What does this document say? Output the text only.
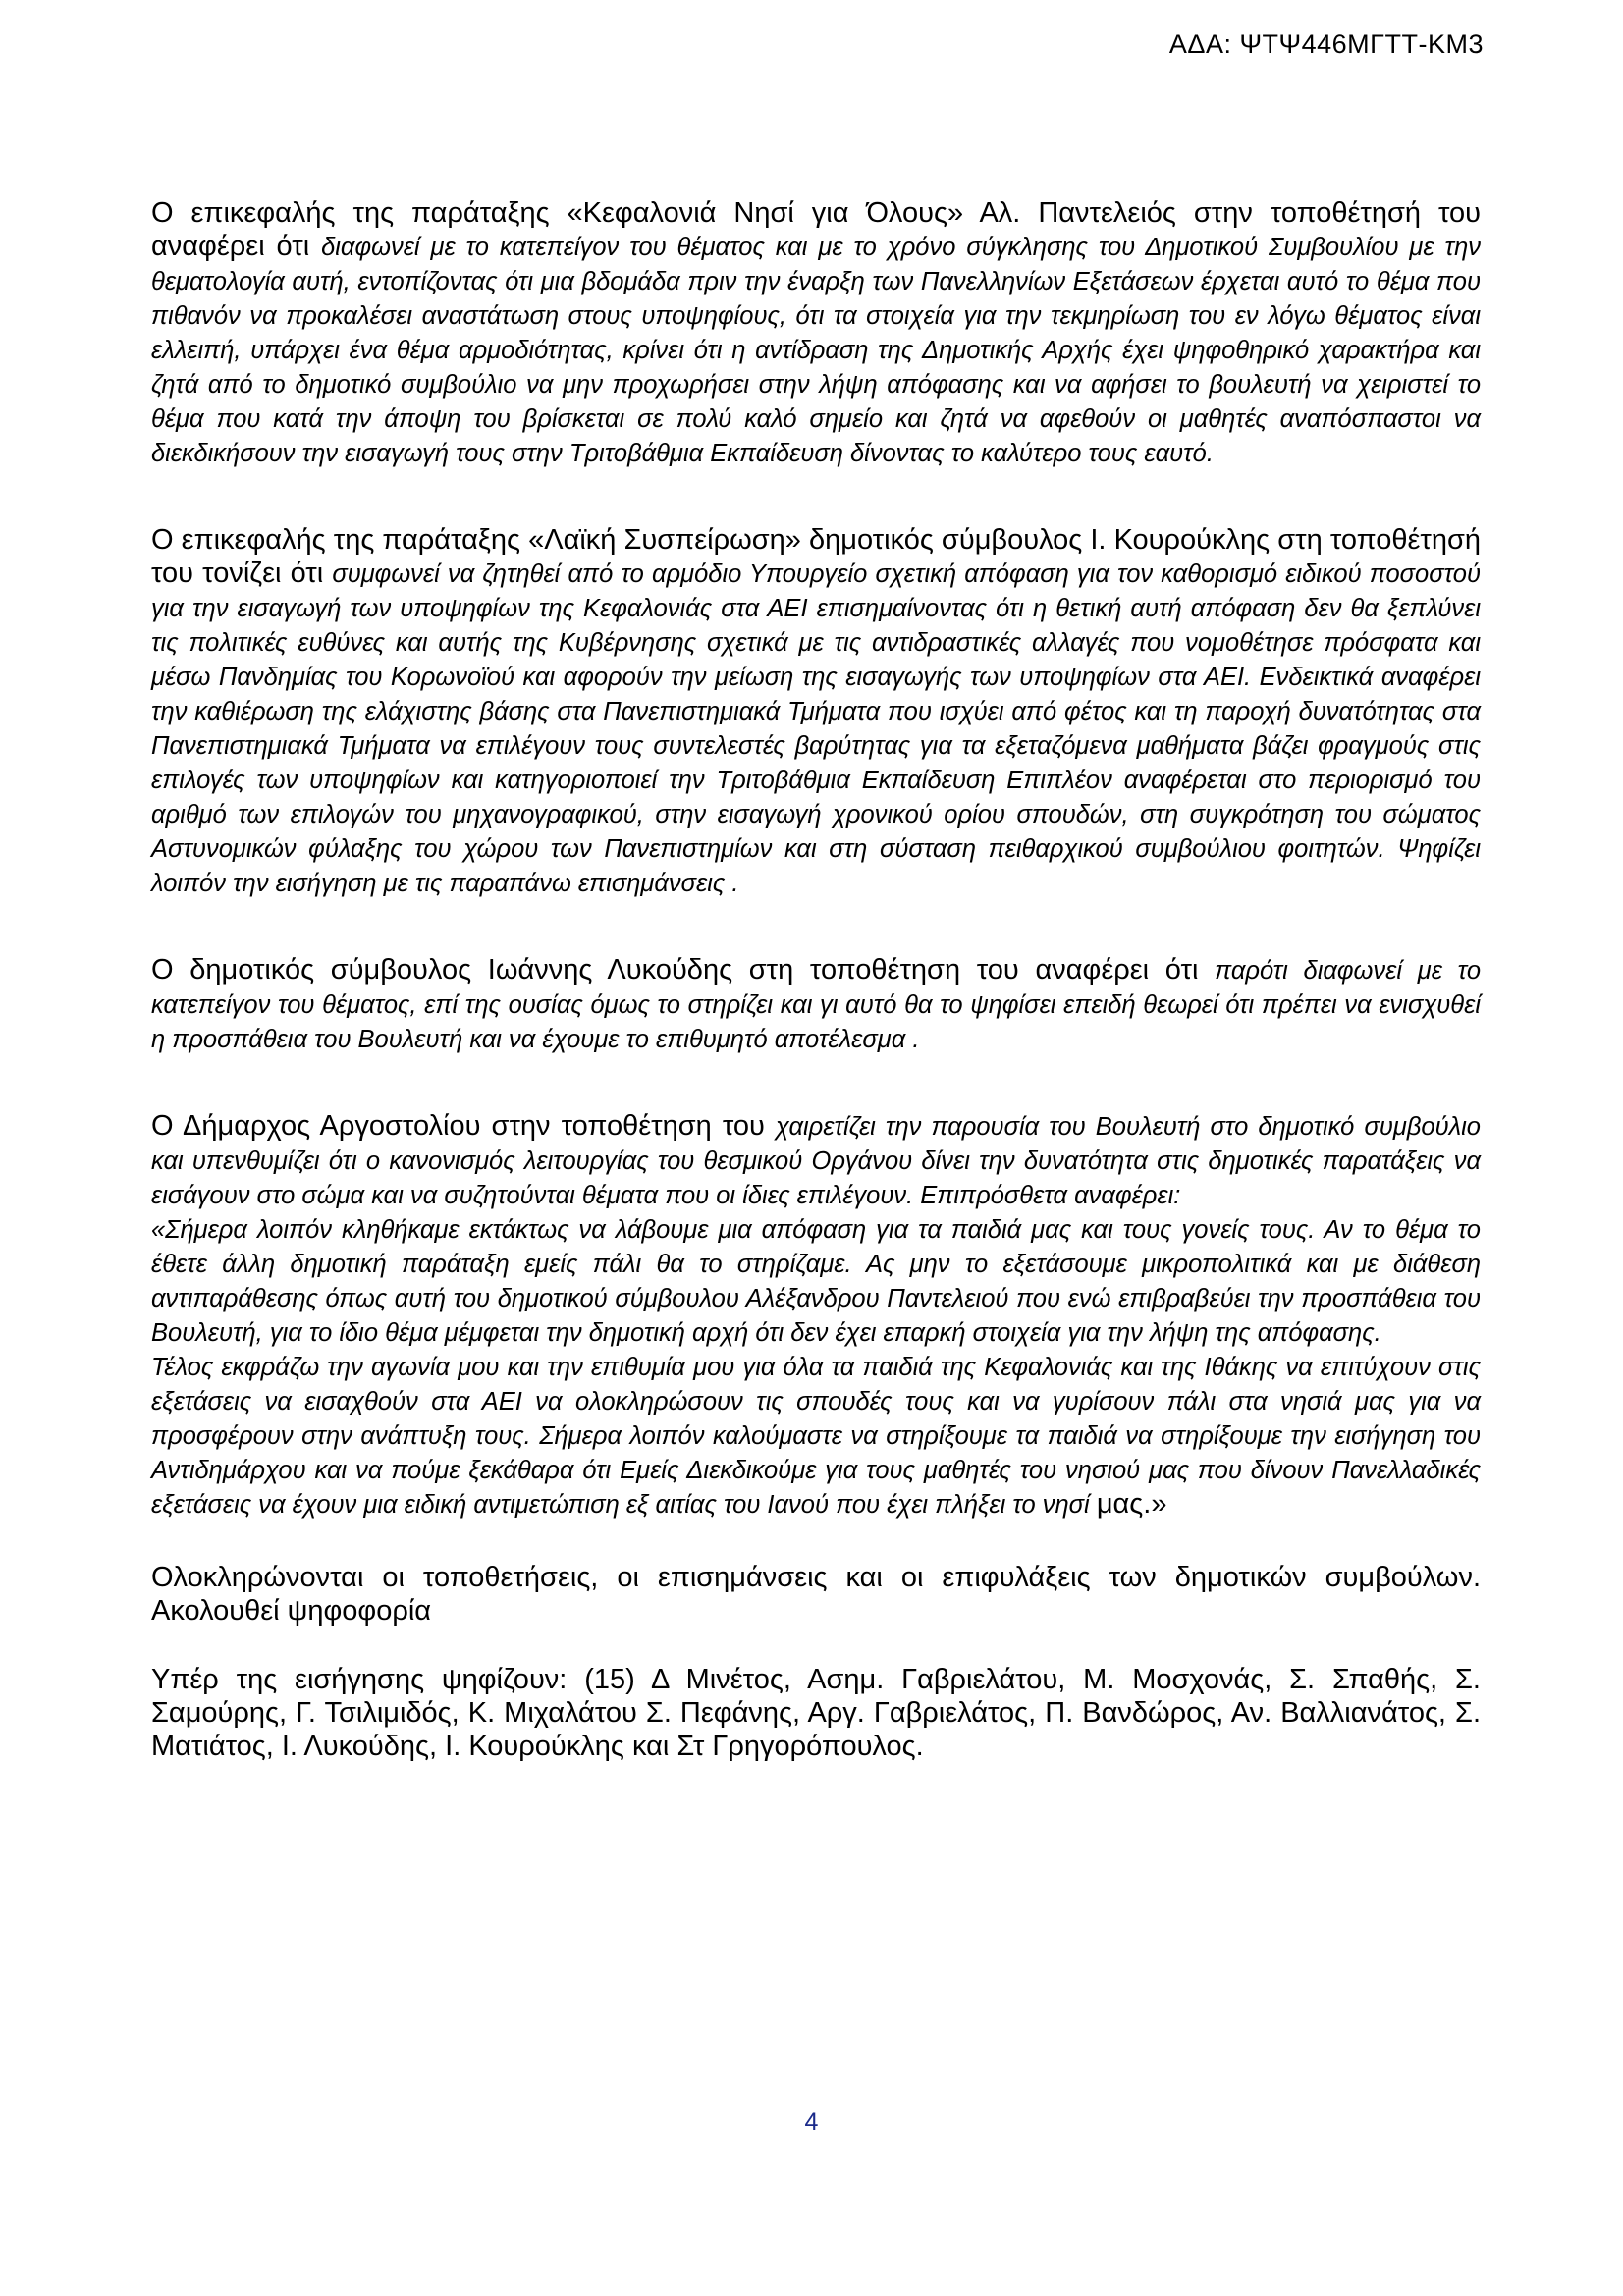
ΑΔΑ: ΨΤΨ446ΜΓΤΤ-ΚΜ3

Ο επικεφαλής της παράταξης «Κεφαλονιά Νησί για Όλους» Αλ. Παντελειός στην τοποθέτησή του αναφέρει ότι διαφωνεί με το κατεπείγον του θέματος και με το χρόνο σύγκλησης του Δημοτικού Συμβουλίου με την θεματολογία αυτή, εντοπίζοντας ότι μια βδομάδα πριν την έναρξη των Πανελληνίων Εξετάσεων έρχεται αυτό το θέμα που πιθανόν να προκαλέσει αναστάτωση στους υποψηφίους, ότι τα στοιχεία για την τεκμηρίωση του εν λόγω θέματος είναι ελλειπή, υπάρχει ένα θέμα αρμοδιότητας, κρίνει ότι η αντίδραση της Δημοτικής Αρχής έχει ψηφοθηρικό χαρακτήρα και ζητά από το δημοτικό συμβούλιο να μην προχωρήσει στην λήψη απόφασης και να αφήσει το βουλευτή να χειριστεί το θέμα που κατά την άποψη του βρίσκεται σε πολύ καλό σημείο και ζητά να αφεθούν οι μαθητές αναπόσπαστοι να διεκδικήσουν την εισαγωγή τους στην Τριτοβάθμια Εκπαίδευση δίνοντας το καλύτερο τους εαυτό.

Ο επικεφαλής της παράταξης «Λαϊκή Συσπείρωση» δημοτικός σύμβουλος Ι. Κουρούκλης στη τοποθέτησή του τονίζει ότι συμφωνεί να ζητηθεί από το αρμόδιο Υπουργείο σχετική απόφαση για τον καθορισμό ειδικού ποσοστού για την εισαγωγή των υποψηφίων της Κεφαλονιάς στα ΑΕΙ επισημαίνοντας ότι η θετική αυτή απόφαση δεν θα ξεπλύνει τις πολιτικές ευθύνες και αυτής της Κυβέρνησης σχετικά με τις αντιδραστικές αλλαγές που νομοθέτησε πρόσφατα και μέσω Πανδημίας του Κορωνοϊού και αφορούν την μείωση της εισαγωγής των υποψηφίων στα ΑΕΙ. Ενδεικτικά αναφέρει την καθιέρωση της ελάχιστης βάσης στα Πανεπιστημιακά Τμήματα που ισχύει από φέτος και τη παροχή δυνατότητας στα Πανεπιστημιακά Τμήματα να επιλέγουν τους συντελεστές βαρύτητας για τα εξεταζόμενα μαθήματα βάζει φραγμούς στις επιλογές των υποψηφίων και κατηγοριοποιεί την Τριτοβάθμια Εκπαίδευση Επιπλέον αναφέρεται στο περιορισμό του αριθμό των επιλογών του μηχανογραφικού, στην εισαγωγή χρονικού ορίου σπουδών, στη συγκρότηση του σώματος Αστυνομικών φύλαξης του χώρου των Πανεπιστημίων και στη σύσταση πειθαρχικού συμβούλιου φοιτητών. Ψηφίζει λοιπόν την εισήγηση με τις παραπάνω επισημάνσεις .

Ο δημοτικός σύμβουλος Ιωάννης Λυκούδης στη τοποθέτηση του αναφέρει ότι παρότι διαφωνεί με το κατεπείγον του θέματος, επί της ουσίας όμως το στηρίζει και γι αυτό θα το ψηφίσει επειδή θεωρεί ότι πρέπει να ενισχυθεί η προσπάθεια του Βουλευτή και να έχουμε το επιθυμητό αποτέλεσμα .

Ο Δήμαρχος Αργοστολίου στην τοποθέτηση του χαιρετίζει την παρουσία του Βουλευτή στο δημοτικό συμβούλιο και υπενθυμίζει ότι ο κανονισμός λειτουργίας του θεσμικού Οργάνου δίνει την δυνατότητα στις δημοτικές παρατάξεις να εισάγουν στο σώμα και να συζητούνται θέματα που οι ίδιες επιλέγουν. Επιπρόσθετα αναφέρει:

«Σήμερα λοιπόν κληθήκαμε εκτάκτως να λάβουμε μια απόφαση για τα παιδιά μας και τους γονείς τους. Αν το θέμα το έθετε άλλη δημοτική παράταξη εμείς πάλι θα το στηρίζαμε. Ας μην το εξετάσουμε μικροπολιτικά και με διάθεση αντιπαράθεσης όπως αυτή του δημοτικού σύμβουλου Αλέξανδρου Παντελειού που ενώ επιβραβεύει την προσπάθεια του Βουλευτή, για το ίδιο θέμα μέμφεται την δημοτική αρχή ότι δεν έχει επαρκή στοιχεία για την λήψη της απόφασης.

Τέλος εκφράζω την αγωνία μου και την επιθυμία μου για όλα τα παιδιά της Κεφαλονιάς και της Ιθάκης να επιτύχουν στις εξετάσεις να εισαχθούν στα ΑΕΙ να ολοκληρώσουν τις σπουδές τους και να γυρίσουν πάλι στα νησιά μας για να προσφέρουν στην ανάπτυξη τους. Σήμερα λοιπόν καλούμαστε να στηρίξουμε τα παιδιά να στηρίξουμε την εισήγηση του Αντιδημάρχου και να πούμε ξεκάθαρα ότι Εμείς Διεκδικούμε για τους μαθητές του νησιού μας που δίνουν Πανελλαδικές εξετάσεις να έχουν μια ειδική αντιμετώπιση εξ αιτίας του Ιανού που έχει πλήξει το νησί μας.»

Ολοκληρώνονται οι τοποθετήσεις, οι επισημάνσεις και οι επιφυλάξεις των δημοτικών συμβούλων. Ακολουθεί ψηφοφορία

Υπέρ της εισήγησης ψηφίζουν: (15) Δ Μινέτος, Ασημ. Γαβριελάτου, Μ. Μοσχονάς, Σ. Σπαθής, Σ. Σαμούρης, Γ. Τσιλιμιδός, Κ. Μιχαλάτου Σ. Πεφάνης, Αργ. Γαβριελάτος, Π. Βανδώρος, Αν. Βαλλιανάτος, Σ. Ματιάτος, Ι. Λυκούδης, Ι. Κουρούκλης και Στ Γρηγορόπουλος.

4
